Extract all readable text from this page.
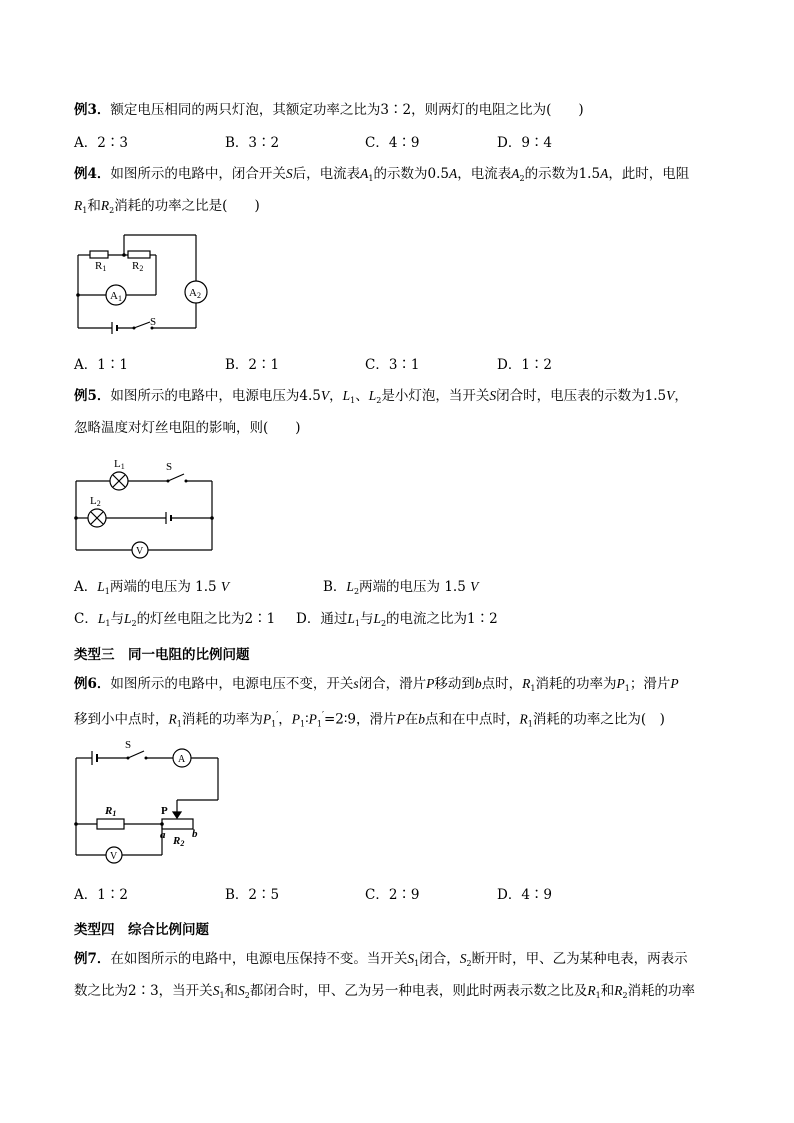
例3．额定电压相同的两只灯泡，其额定功率之比为3∶2，则两灯的电阻之比为(　　)
A．2∶3	B．3∶2	C．4∶9	D．9∶4
例4．如图所示的电路中，闭合开关S后，电流表$A_1$的示数为0.5A，电流表$A_2$的示数为1.5A，此时，电阻
$R_1$和$R_2$消耗的功率之比是(　　)
R1 R2
A1	A2
S
A．1∶1	B．2∶1	C．3∶1	D．1∶2
例5．如图所示的电路中，电源电压为4.5V，$L_1$、$L_2$是小灯泡，当开关S闭合时，电压表的示数为1.5V，
忽略温度对灯丝电阻的影响，则(　　)
L1	S
L2
V
A．$L_1$两端的电压为 1.5 V	B．$L_2$两端的电压为 1.5 V
C．$L_1$与$L_2$的灯丝电阻之比为2∶1 D．通过$L_1$与$L_2$的电流之比为1∶2
类型三　同一电阻的比例问题
例6．如图所示的电路中，电源电压不变，开关s闭合，滑片P移动到b点时，$R_1$消耗的功率为$P_1$；滑片P
移到小中点时，$R_1$消耗的功率为$P_1'$，$P_1∶P_1'=2∶9$，滑片P在b点和在中点时，$R_1$消耗的功率之比为(　)
S
A
R1	P
a b
R2
V
A．1∶2	B．2∶5	C．2∶9	D．4∶9
类型四　综合比例问题
例7．在如图所示的电路中，电源电压保持不变。当开关$S_1$闭合，$S_2$断开时，甲、乙为某种电表，两表示
数之比为2∶3，当开关$S_1$和$S_2$都闭合时，甲、乙为另一种电表，则此时两表示数之比及$R_1$和$R_2$消耗的功率
